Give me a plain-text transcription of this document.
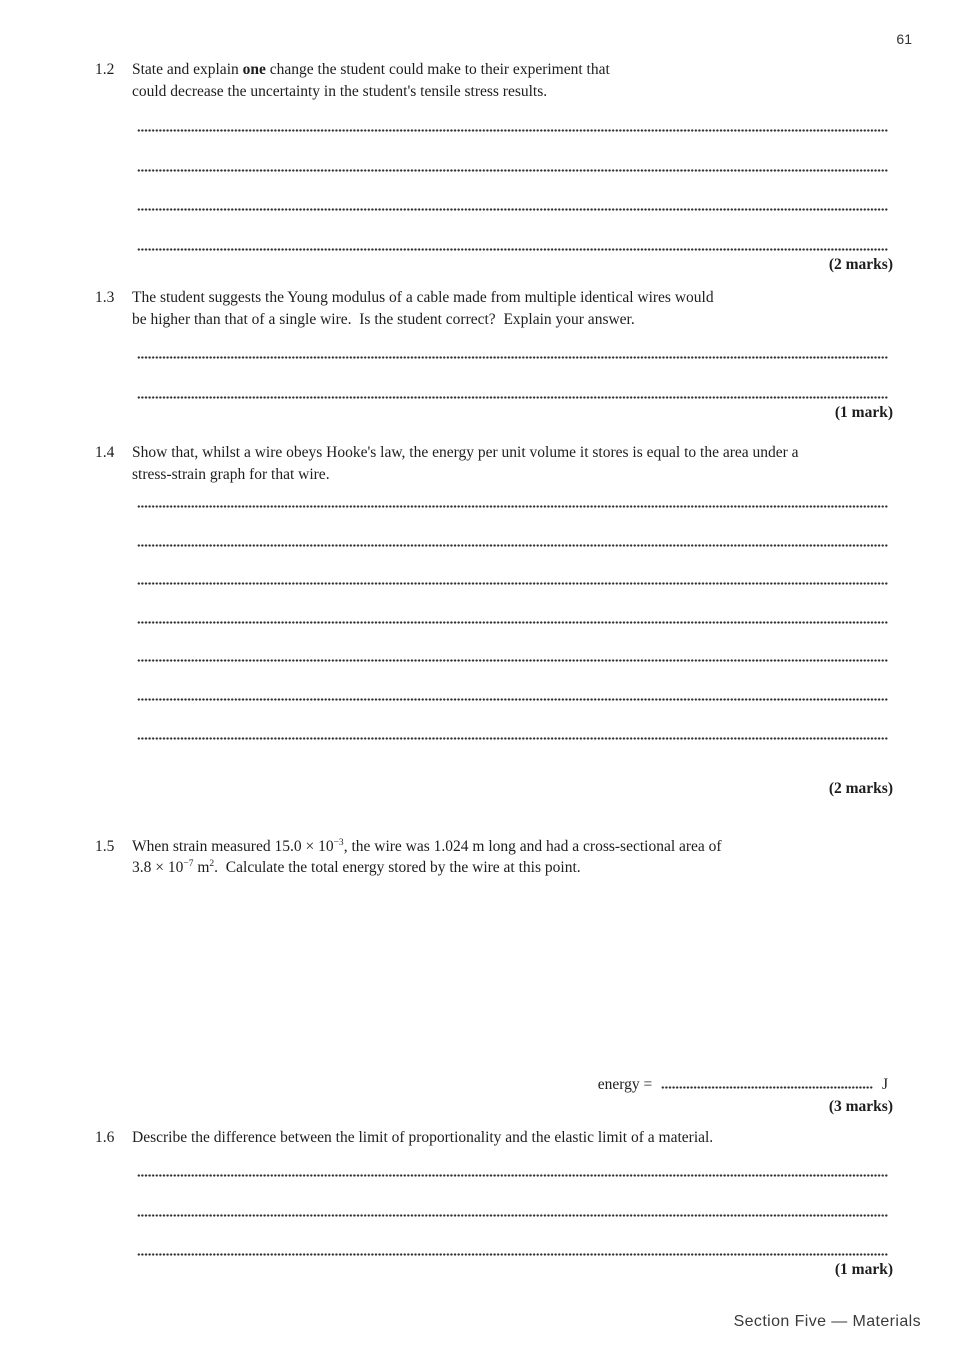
61
1.2	State and explain one change the student could make to their experiment that
could decrease the uncertainty in the student's tensile stress results.
(2 marks)
1.3	The student suggests the Young modulus of a cable made from multiple identical wires would
be higher than that of a single wire.  Is the student correct?  Explain your answer.
(1 mark)
1.4	Show that, whilst a wire obeys Hooke's law, the energy per unit volume it stores is equal to the area under a
stress-strain graph for that wire.
(2 marks)
1.5	When strain measured $15.0 \times 10^{-3}$, the wire was 1.024 m long and had a cross-sectional area of
$3.8 \times 10^{-7}$ $m^2$.  Calculate the total energy stored by the wire at this point.
energy =	J
(3 marks)
1.6	Describe the difference between the limit of proportionality and the elastic limit of a material.
(1 mark)
Section Five — Materials
